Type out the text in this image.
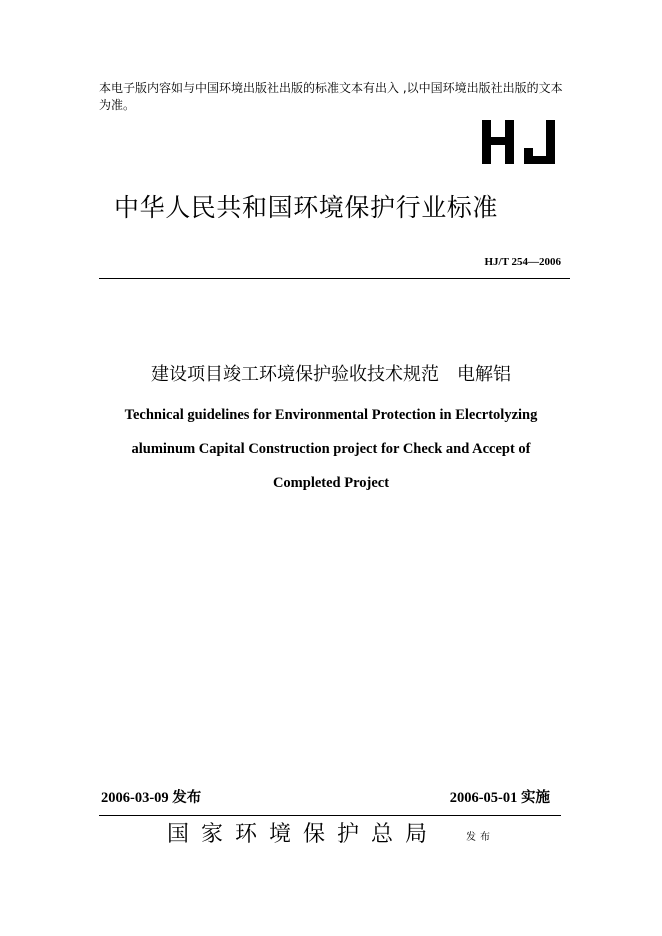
本电子版内容如与中国环境出版社出版的标准文本有出入 ,以中国环境出版社出版的文本为准。
中华人民共和国环境保护行业标准
HJ/T 254—2006
建设项目竣工环境保护验收技术规范　电解铝
Technical guidelines for Environmental Protection in Elecrtolyzing
aluminum Capital Construction project for Check and Accept of
Completed Project
2006-03-09 发布	2006-05-01 实施
国家环境保护总局	发布
